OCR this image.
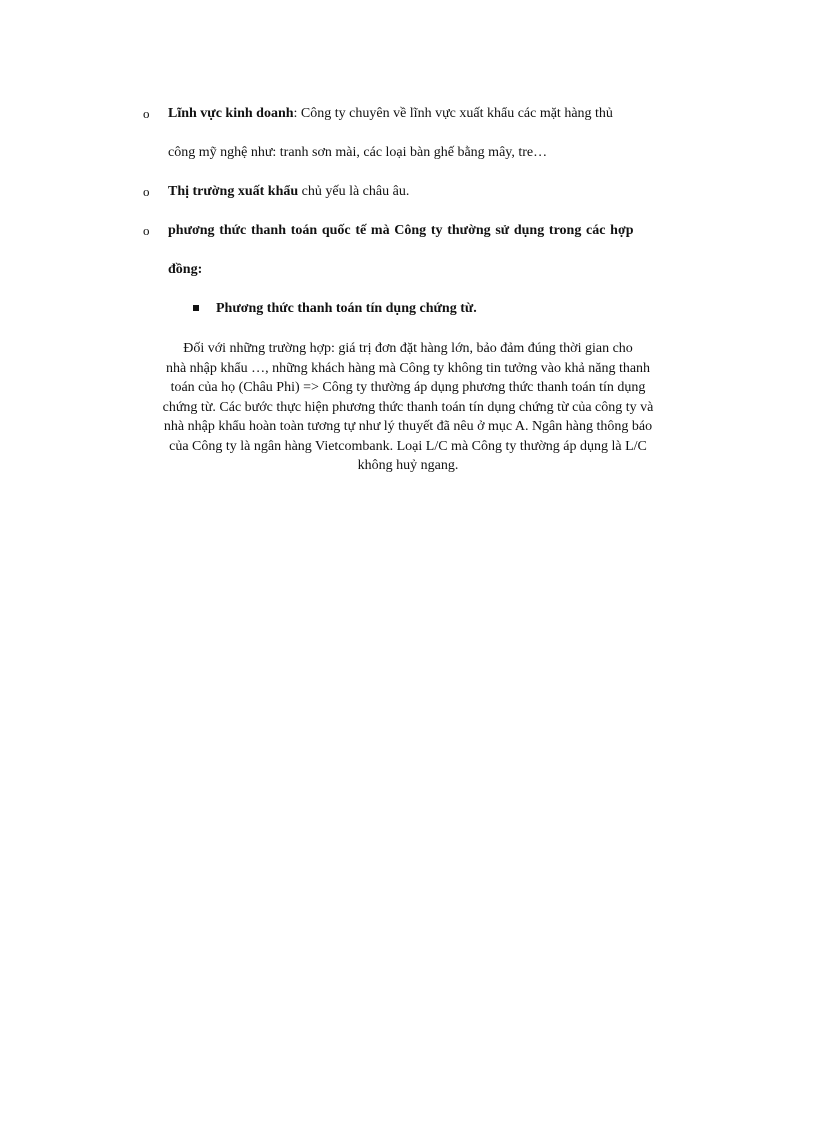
o	Lĩnh vực kinh doanh: Công ty chuyên về lĩnh vực xuất khẩu các mặt hàng thủ
công mỹ nghệ như: tranh sơn mài, các loại bàn ghế bằng mây, tre…
o	Thị trường xuất khẩu chủ yếu là châu âu.
o	phương thức thanh toán quốc tế mà Công ty thường sử dụng trong các hợp
đồng:
Phương thức thanh toán tín dụng chứng từ.
Đối với những trường hợp: giá trị đơn đặt hàng lớn, bảo đảm đúng thời gian cho
nhà nhập khẩu …, những khách hàng mà Công ty không tin tưởng vào khả năng thanh
toán của họ (Châu Phi) => Công ty thường áp dụng phương thức thanh toán tín dụng
chứng từ. Các bước thực hiện phương thức thanh toán tín dụng chứng từ của công ty và
nhà nhập khẩu hoàn toàn tương tự như lý thuyết đã nêu ở mục A. Ngân hàng thông báo
của Công ty là ngân hàng Vietcombank. Loại L/C mà Công ty thường áp dụng là L/C
không huỷ ngang.
